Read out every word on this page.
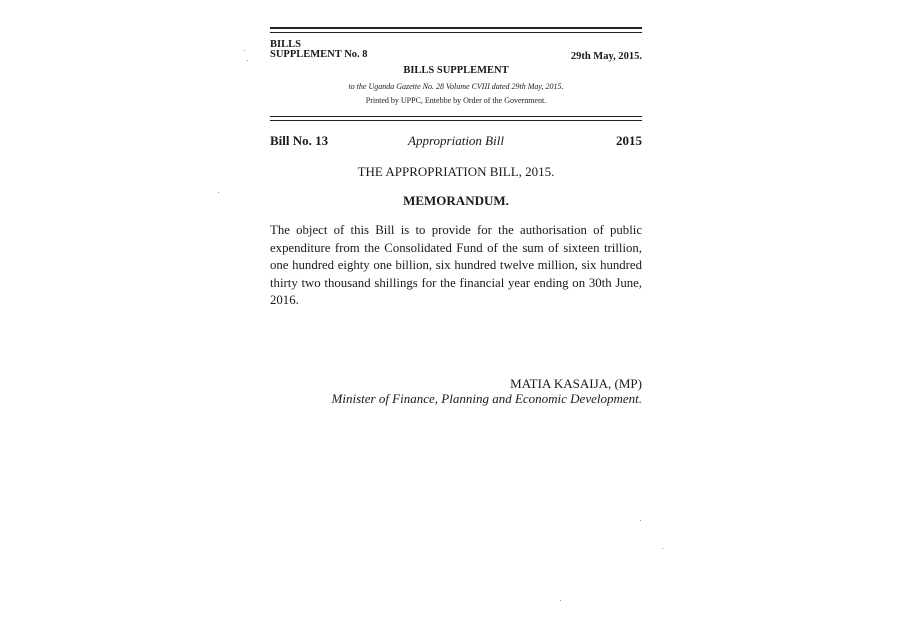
BILLS
SUPPLEMENT No. 8	29th May, 2015.
BILLS SUPPLEMENT
to the Uganda Gazette No. 28 Volume CVIII dated 29th May, 2015.
Printed by UPPC, Entebbe by Order of the Government.
Bill No. 13	Appropriation Bill	2015
THE APPROPRIATION BILL, 2015.
MEMORANDUM.
The object of this Bill is to provide for the authorisation of public expenditure from the Consolidated Fund of the sum of sixteen trillion, one hundred eighty one billion, six hundred twelve million, six hundred thirty two thousand shillings for the financial year ending on 30th June, 2016.
MATIA KASAIJA, (MP)
Minister of Finance, Planning and Economic Development.
